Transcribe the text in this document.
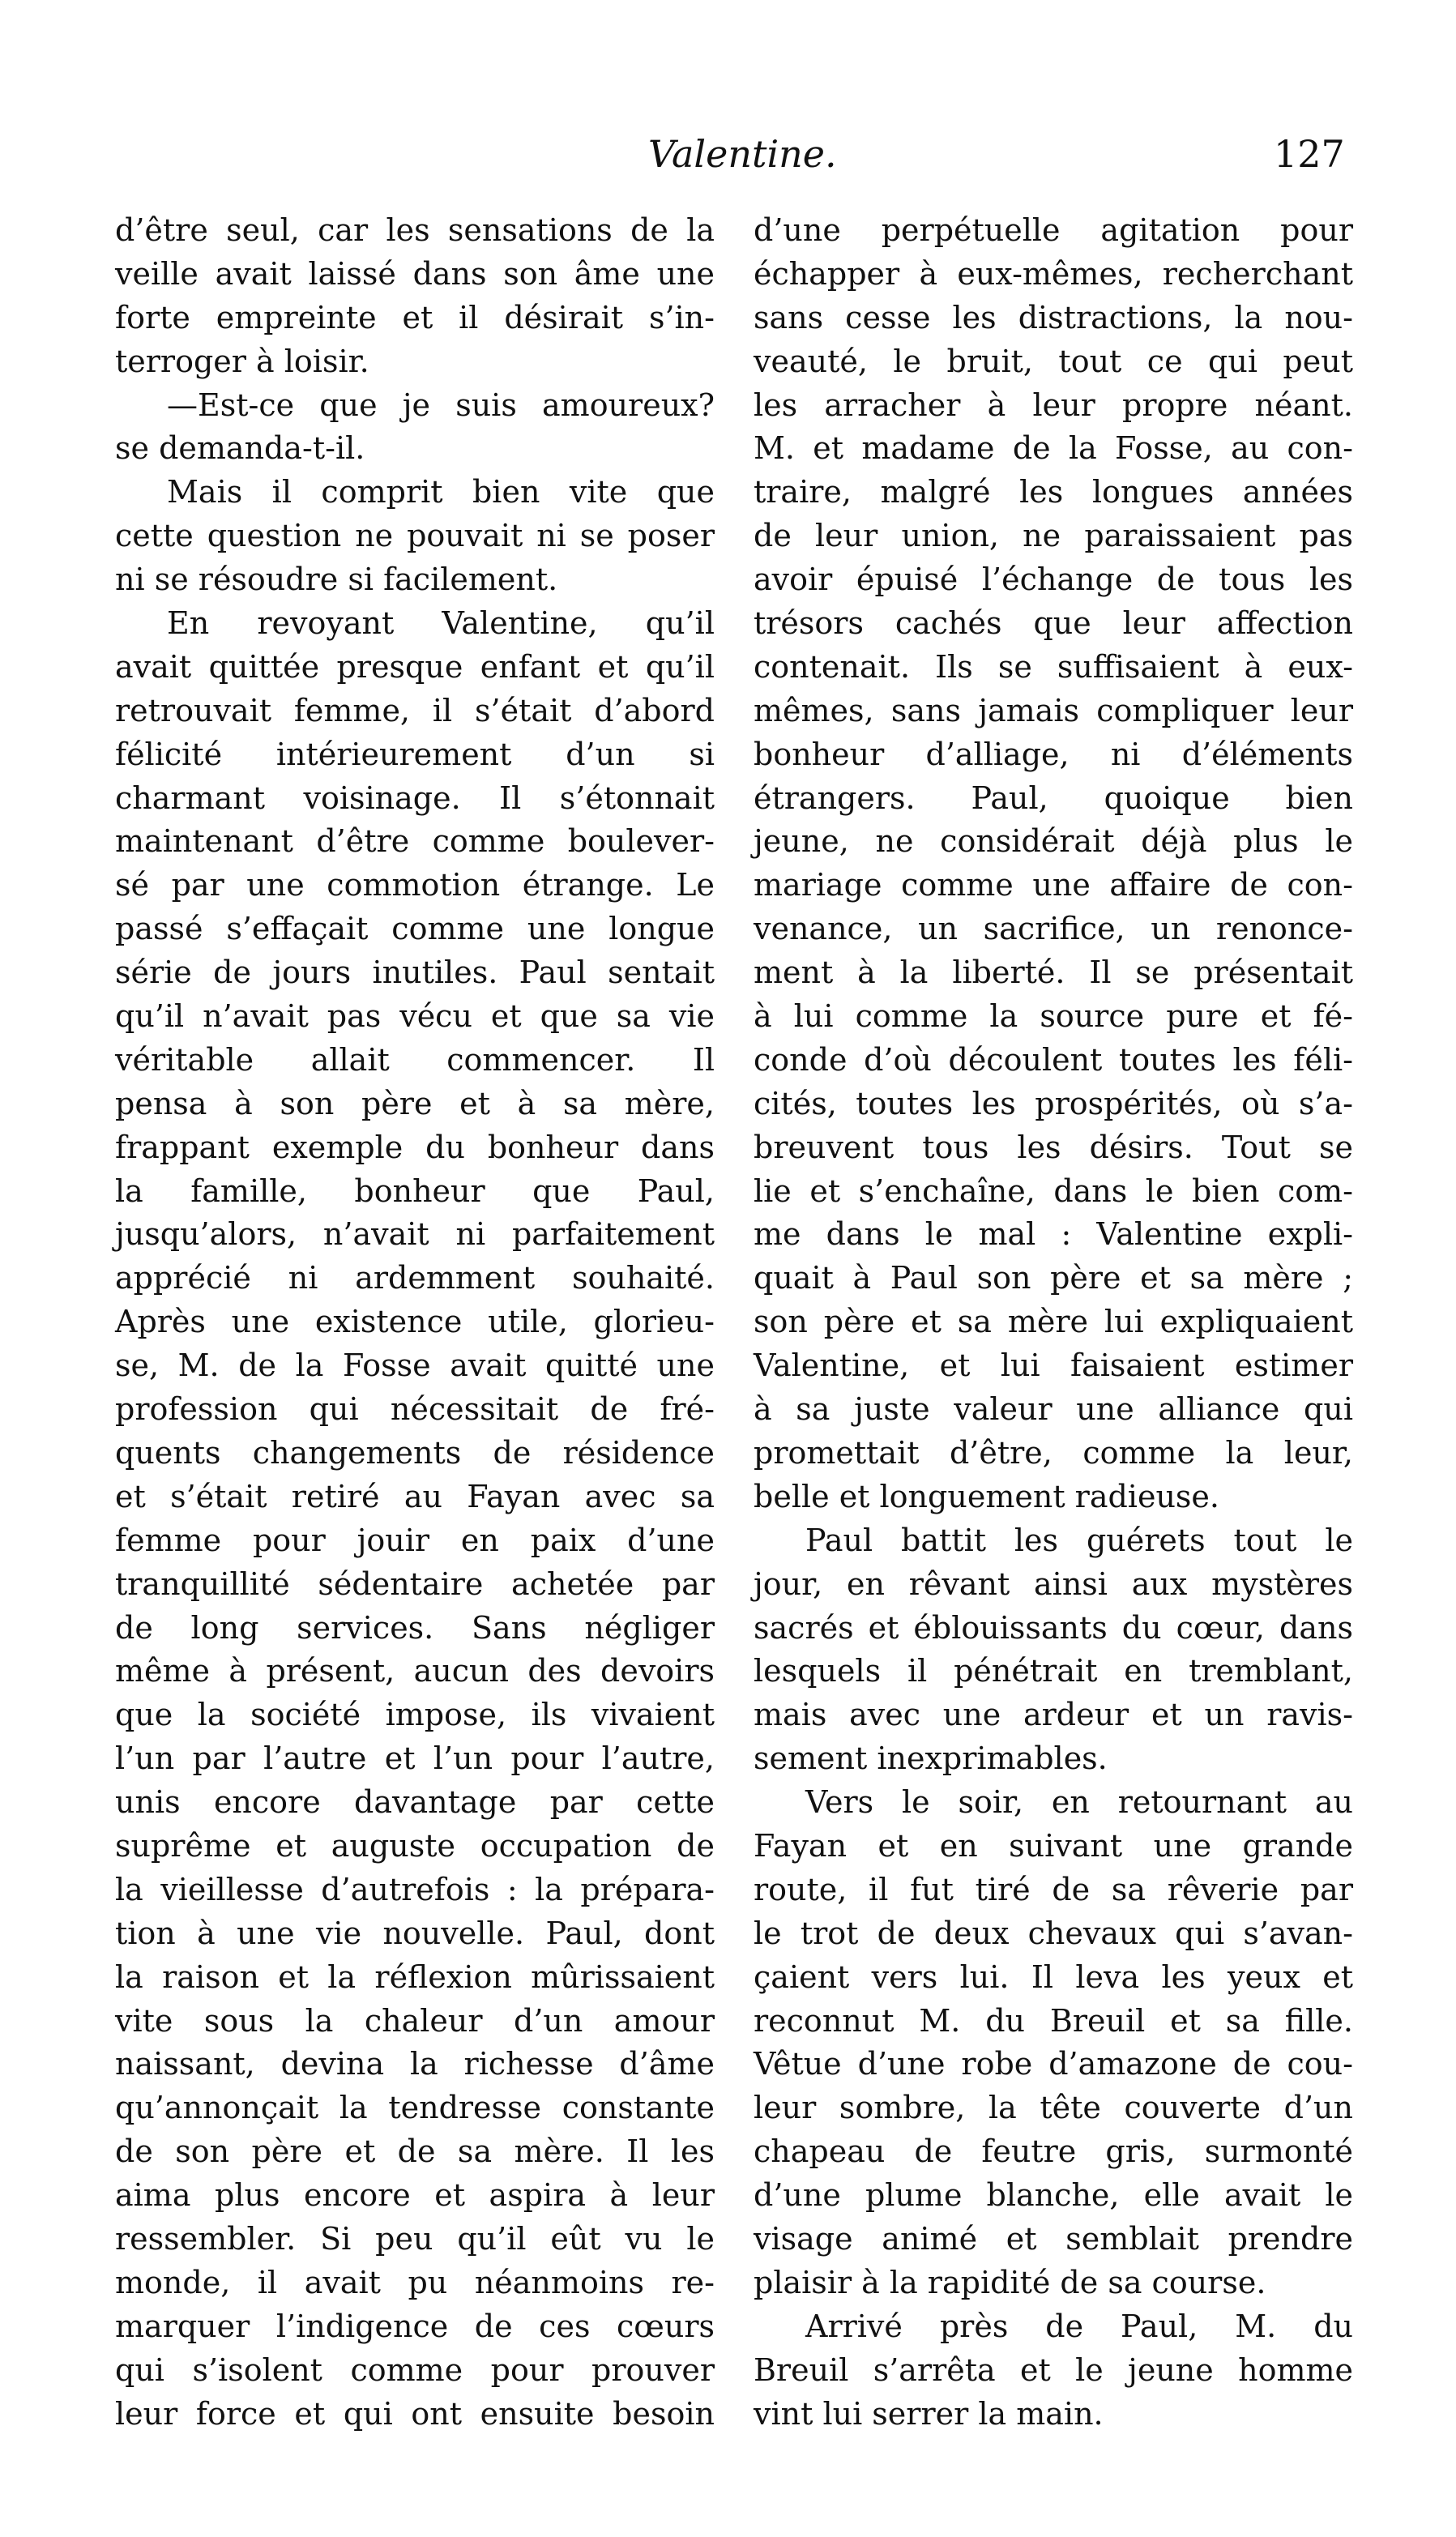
Valentine.	127
d’être seul, car les sensations de la
veille avait laissé dans son âme une
forte empreinte et il désirait s’in-
terroger à loisir.
—Est-ce que je suis amoureux?
se demanda-t-il.
Mais il comprit bien vite que
cette question ne pouvait ni se poser
ni se résoudre si facilement.
En revoyant Valentine, qu’il
avait quittée presque enfant et qu’il
retrouvait femme, il s’était d’abord
félicité intérieurement d’un si
charmant voisinage. Il s’étonnait
maintenant d’être comme boulever-
sé par une commotion étrange. Le
passé s’effaçait comme une longue
série de jours inutiles. Paul sentait
qu’il n’avait pas vécu et que sa vie
véritable allait commencer. Il
pensa à son père et à sa mère,
frappant exemple du bonheur dans
la famille, bonheur que Paul,
jusqu’alors, n’avait ni parfaitement
apprécié ni ardemment souhaité.
Après une existence utile, glorieu-
se, M. de la Fosse avait quitté une
profession qui nécessitait de fré-
quents changements de résidence
et s’était retiré au Fayan avec sa
femme pour jouir en paix d’une
tranquillité sédentaire achetée par
de long services. Sans négliger
même à présent, aucun des devoirs
que la société impose, ils vivaient
l’un par l’autre et l’un pour l’autre,
unis encore davantage par cette
suprême et auguste occupation de
la vieillesse d’autrefois : la prépara-
tion à une vie nouvelle. Paul, dont
la raison et la réflexion mûrissaient
vite sous la chaleur d’un amour
naissant, devina la richesse d’âme
qu’annonçait la tendresse constante
de son père et de sa mère. Il les
aima plus encore et aspira à leur
ressembler. Si peu qu’il eût vu le
monde, il avait pu néanmoins re-
marquer l’indigence de ces cœurs
qui s’isolent comme pour prouver
leur force et qui ont ensuite besoin
d’une perpétuelle agitation pour
échapper à eux-mêmes, recherchant
sans cesse les distractions, la nou-
veauté, le bruit, tout ce qui peut
les arracher à leur propre néant.
M. et madame de la Fosse, au con-
traire, malgré les longues années
de leur union, ne paraissaient pas
avoir épuisé l’échange de tous les
trésors cachés que leur affection
contenait. Ils se suffisaient à eux-
mêmes, sans jamais compliquer leur
bonheur d’alliage, ni d’éléments
étrangers. Paul, quoique bien
jeune, ne considérait déjà plus le
mariage comme une affaire de con-
venance, un sacrifice, un renonce-
ment à la liberté. Il se présentait
à lui comme la source pure et fé-
conde d’où découlent toutes les féli-
cités, toutes les prospérités, où s’a-
breuvent tous les désirs. Tout se
lie et s’enchaîne, dans le bien com-
me dans le mal : Valentine expli-
quait à Paul son père et sa mère ;
son père et sa mère lui expliquaient
Valentine, et lui faisaient estimer
à sa juste valeur une alliance qui
promettait d’être, comme la leur,
belle et longuement radieuse.
Paul battit les guérets tout le
jour, en rêvant ainsi aux mystères
sacrés et éblouissants du cœur, dans
lesquels il pénétrait en tremblant,
mais avec une ardeur et un ravis-
sement inexprimables.
Vers le soir, en retournant au
Fayan et en suivant une grande
route, il fut tiré de sa rêverie par
le trot de deux chevaux qui s’avan-
çaient vers lui. Il leva les yeux et
reconnut M. du Breuil et sa fille.
Vêtue d’une robe d’amazone de cou-
leur sombre, la tête couverte d’un
chapeau de feutre gris, surmonté
d’une plume blanche, elle avait le
visage animé et semblait prendre
plaisir à la rapidité de sa course.
Arrivé près de Paul, M. du
Breuil s’arrêta et le jeune homme
vint lui serrer la main.
